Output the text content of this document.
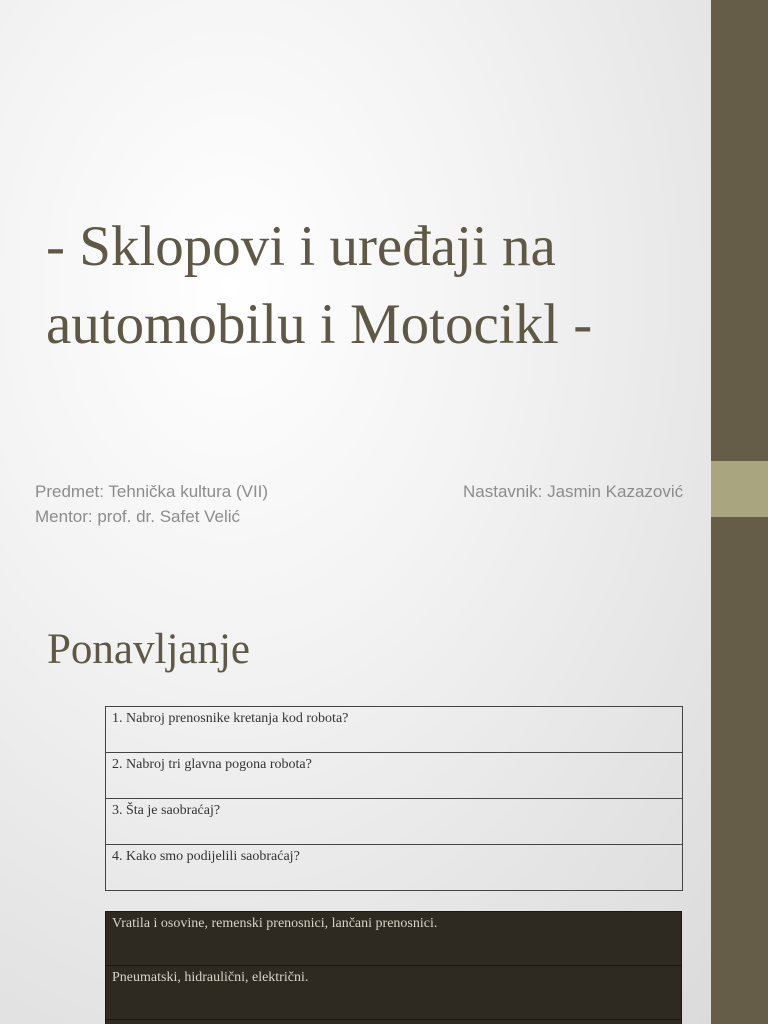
- Sklopovi i uređaji na automobilu i Motocikl -
Predmet: Tehnička kultura (VII)
Mentor: prof. dr. Safet Velić
Nastavnik: Jasmin Kazazović
Ponavljanje
1. Nabroj prenosnike kretanja kod robota?
2. Nabroj tri glavna pogona robota?
3. Šta je saobraćaj?
4. Kako smo podijelili saobraćaj?
Vratila i osovine, remenski prenosnici, lančani prenosnici.
Pneumatski, hidraulični, električni.
